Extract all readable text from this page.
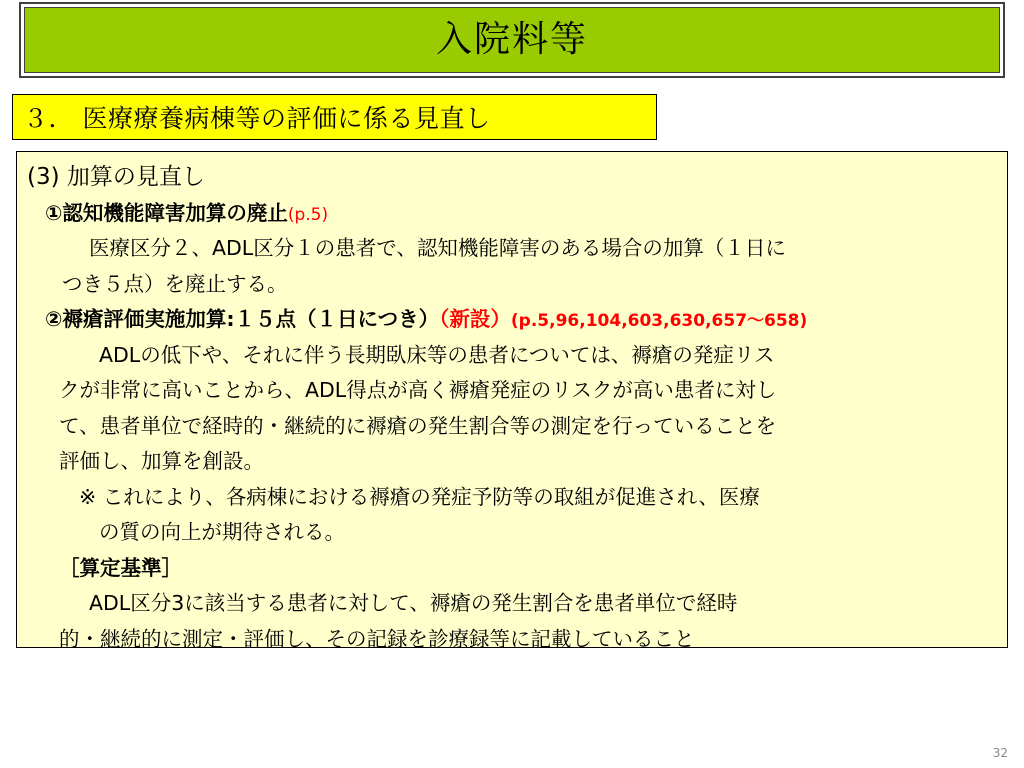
入院料等
３． 医療療養病棟等の評価に係る見直し
(3) 加算の見直し
①認知機能障害加算の廃止(p.5)
医療区分２、ADL区分１の患者で、認知機能障害のある場合の加算（１日に
つき５点）を廃止する。
②褥瘡評価実施加算:１５点（１日につき）（新設）(p.5,96,104,603,630,657～658)
ADLの低下や、それに伴う長期臥床等の患者については、褥瘡の発症リス
クが非常に高いことから、ADL得点が高く褥瘡発症のリスクが高い患者に対し
て、患者単位で経時的・継続的に褥瘡の発生割合等の測定を行っていることを
評価し、加算を創設。
※ これにより、各病棟における褥瘡の発症予防等の取組が促進され、医療
の質の向上が期待される。
［算定基準］
ADL区分3に該当する患者に対して、褥瘡の発生割合を患者単位で経時
的・継続的に測定・評価し、その記録を診療録等に記載していること
32
